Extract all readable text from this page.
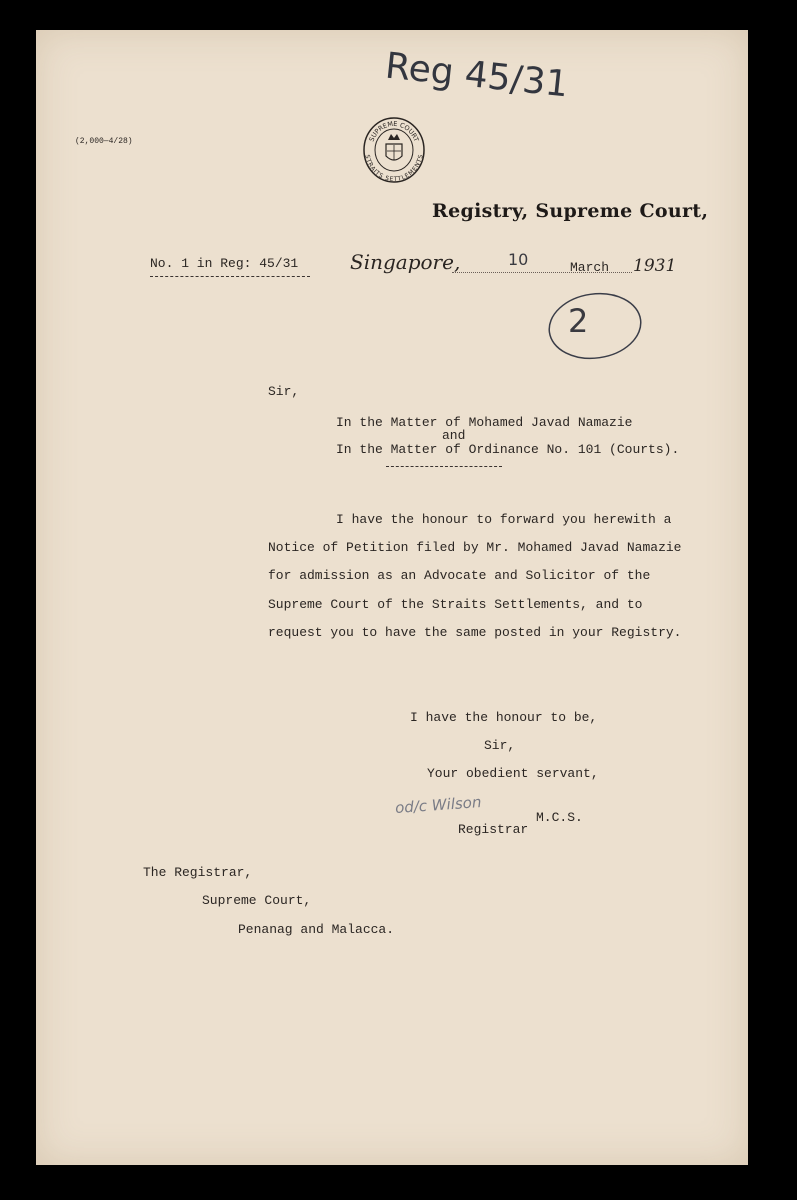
(2,000—4/28)
Reg 45/31
SUPREME COURT
STRAITS SETTLEMENTS
Registry, Supreme Court,
No. 1 in Reg: 45/31	Singapore,	10	March 1931
2
Sir,
In the Matter of Mohamed Javad Namazie
and
In the Matter of Ordinance No. 101 (Courts).
I have the honour to forward you herewith a
Notice of Petition filed by Mr. Mohamed Javad Namazie
for admission as an Advocate and Solicitor of the
Supreme Court of the Straits Settlements, and to
request you to have the same posted in your Registry.
I have the honour to be,
Sir,
Your obedient servant,
od/c Wilson
M.C.S.
Registrar
The Registrar,
Supreme Court,
Penanag and Malacca.
